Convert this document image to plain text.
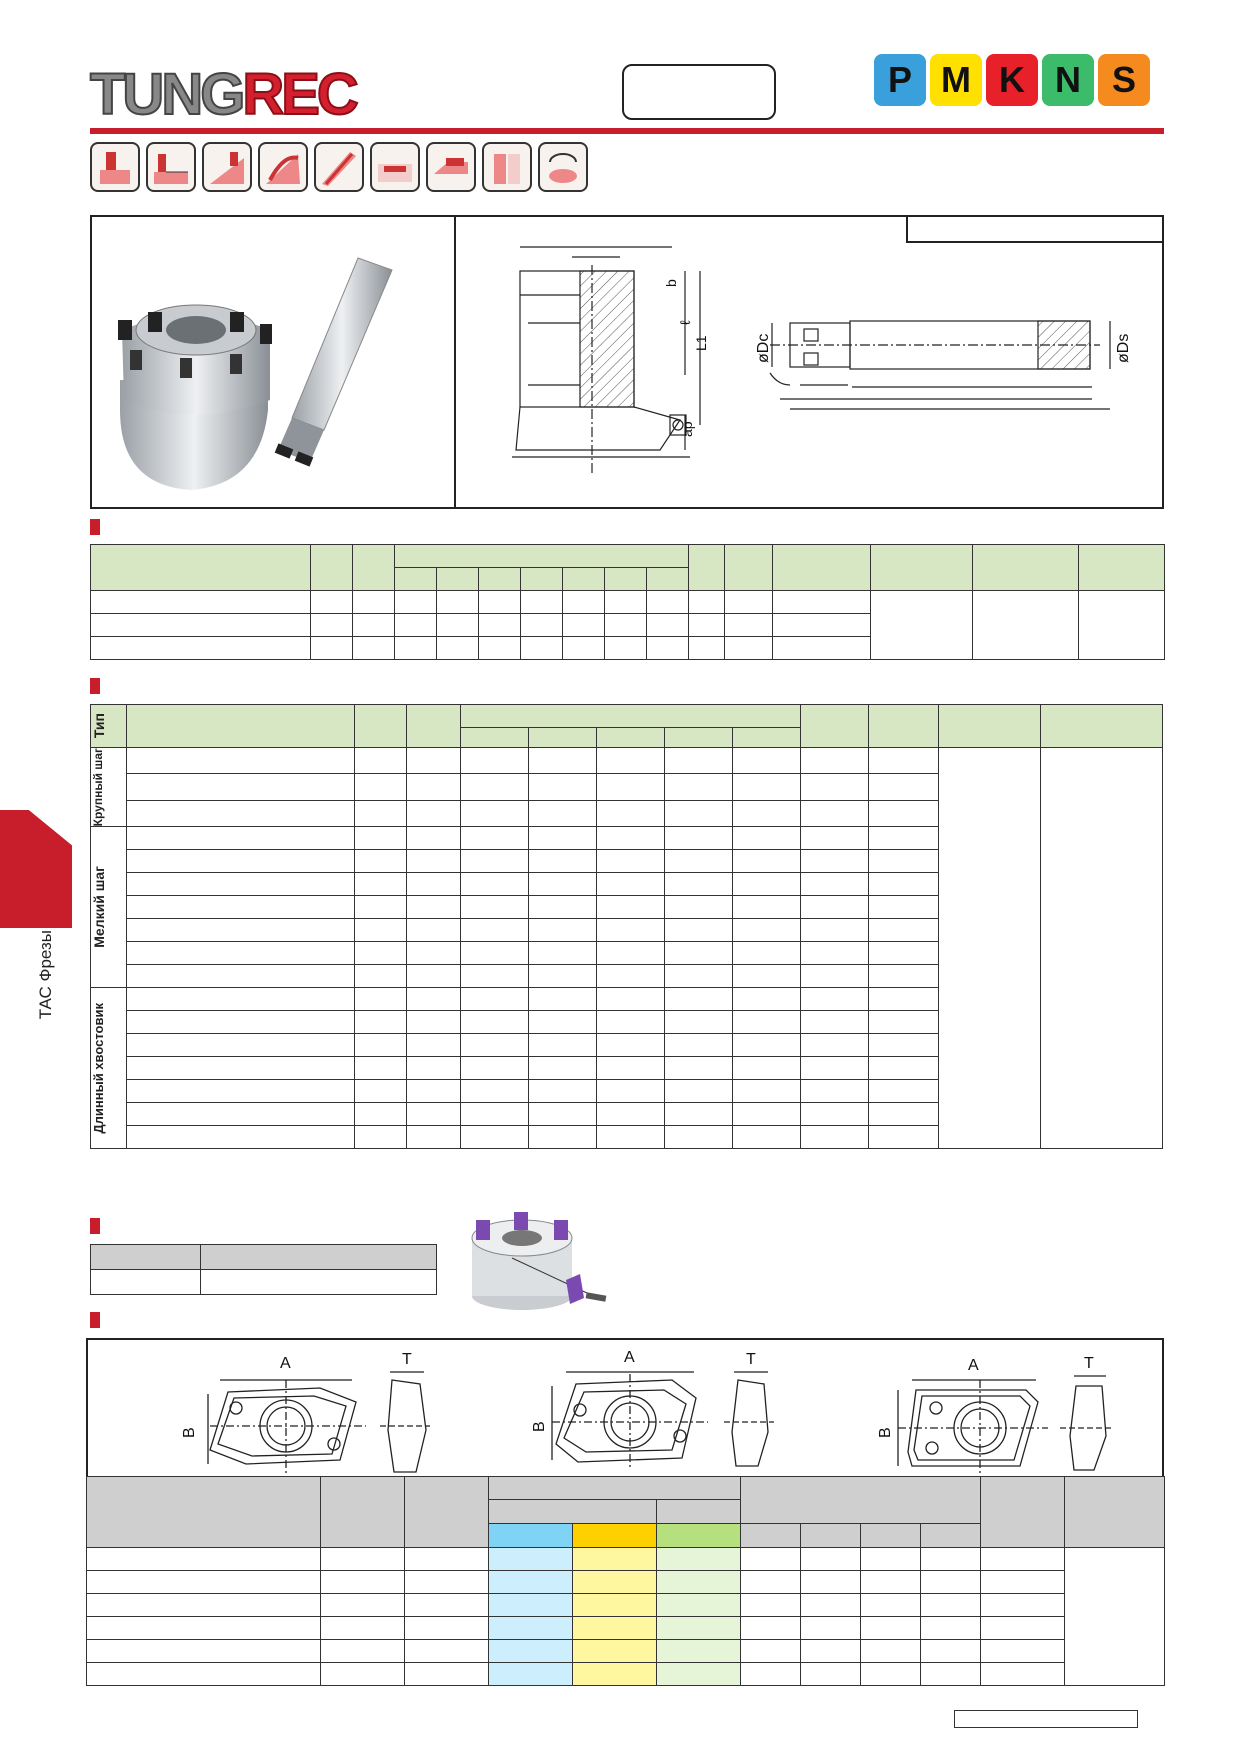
TUNGREC	P M K N S
b
ℓ
L1
ap
øDc	øDs

Тип												

Крупный шаг												

Мелкий шаг												

Длинный хвостовик												

ТАС Фрезы

A
B
T	A
B
T	A
B
T
